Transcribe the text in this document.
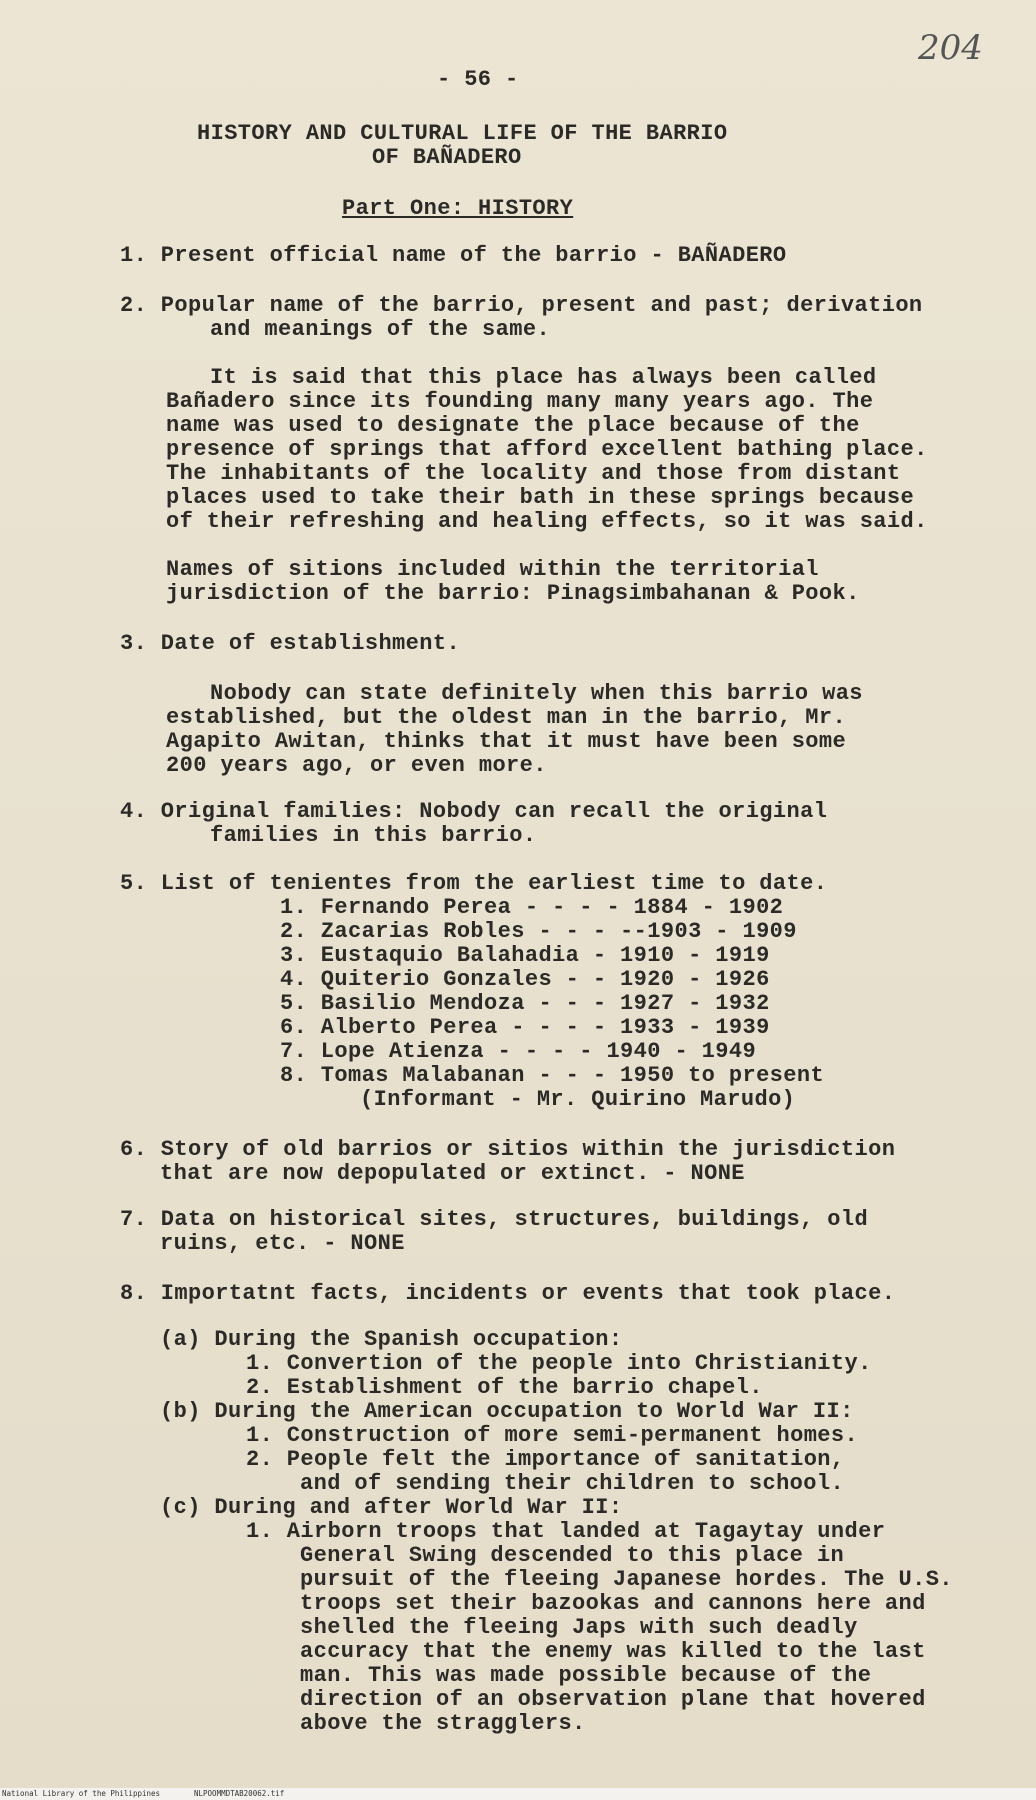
204
- 56 -
HISTORY AND CULTURAL LIFE OF THE BARRIO
OF BAÑADERO
Part One: HISTORY
1. Present official name of the barrio - BAÑADERO
2. Popular name of the barrio, present and past; derivation
and meanings of the same.
It is said that this place has always been called
Bañadero since its founding many many years ago. The
name was used to designate the place because of the
presence of springs that afford excellent bathing place.
The inhabitants of the locality and those from distant
places used to take their bath in these springs because
of their refreshing and healing effects, so it was said.
Names of sitions included within the territorial
jurisdiction of the barrio: Pinagsimbahanan & Pook.
3. Date of establishment.
Nobody can state definitely when this barrio was
established, but the oldest man in the barrio, Mr.
Agapito Awitan, thinks that it must have been some
200 years ago, or even more.
4. Original families: Nobody can recall the original
families in this barrio.
5. List of tenientes from the earliest time to date.
1. Fernando Perea - - - - 1884 - 1902
2. Zacarias Robles - - - --1903 - 1909
3. Eustaquio Balahadia - 1910 - 1919
4. Quiterio Gonzales - - 1920 - 1926
5. Basilio Mendoza - - - 1927 - 1932
6. Alberto Perea - - - - 1933 - 1939
7. Lope Atienza - - - - 1940 - 1949
8. Tomas Malabanan - - - 1950 to present
(Informant - Mr. Quirino Marudo)
6. Story of old barrios or sitios within the jurisdiction
that are now depopulated or extinct. - NONE
7. Data on historical sites, structures, buildings, old
ruins, etc. - NONE
8. Importatnt facts, incidents or events that took place.
(a) During the Spanish occupation:
1. Convertion of the people into Christianity.
2. Establishment of the barrio chapel.
(b) During the American occupation to World War II:
1. Construction of more semi-permanent homes.
2. People felt the importance of sanitation,
and of sending their children to school.
(c) During and after World War II:
1. Airborn troops that landed at Tagaytay under
General Swing descended to this place in
pursuit of the fleeing Japanese hordes. The U.S.
troops set their bazookas and cannons here and
shelled the fleeing Japs with such deadly
accuracy that the enemy was killed to the last
man. This was made possible because of the
direction of an observation plane that hovered
above the stragglers.
National Library of the Philippines	NLPOOMMDTAB20062.tif
